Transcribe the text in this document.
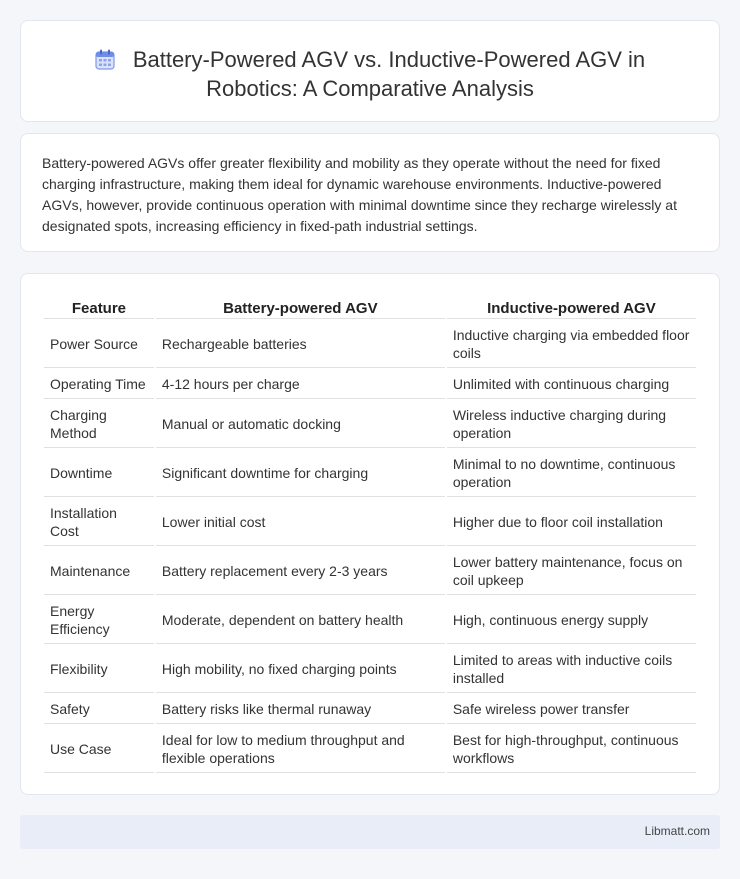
Battery-Powered AGV vs. Inductive-Powered AGV in Robotics: A Comparative Analysis

Battery-powered AGVs offer greater flexibility and mobility as they operate without the need for fixed charging infrastructure, making them ideal for dynamic warehouse environments. Inductive-powered AGVs, however, provide continuous operation with minimal downtime since they recharge wirelessly at designated spots, increasing efficiency in fixed-path industrial settings.

Feature	Battery-powered AGV	Inductive-powered AGV
Power Source	Rechargeable batteries	Inductive charging via embedded floor coils
Operating Time	4-12 hours per charge	Unlimited with continuous charging
Charging Method	Manual or automatic docking	Wireless inductive charging during operation
Downtime	Significant downtime for charging	Minimal to no downtime, continuous operation
Installation Cost	Lower initial cost	Higher due to floor coil installation
Maintenance	Battery replacement every 2-3 years	Lower battery maintenance, focus on coil upkeep
Energy Efficiency	Moderate, dependent on battery health	High, continuous energy supply
Flexibility	High mobility, no fixed charging points	Limited to areas with inductive coils installed
Safety	Battery risks like thermal runaway	Safe wireless power transfer
Use Case	Ideal for low to medium throughput and flexible operations	Best for high-throughput, continuous workflows
Libmatt.com
